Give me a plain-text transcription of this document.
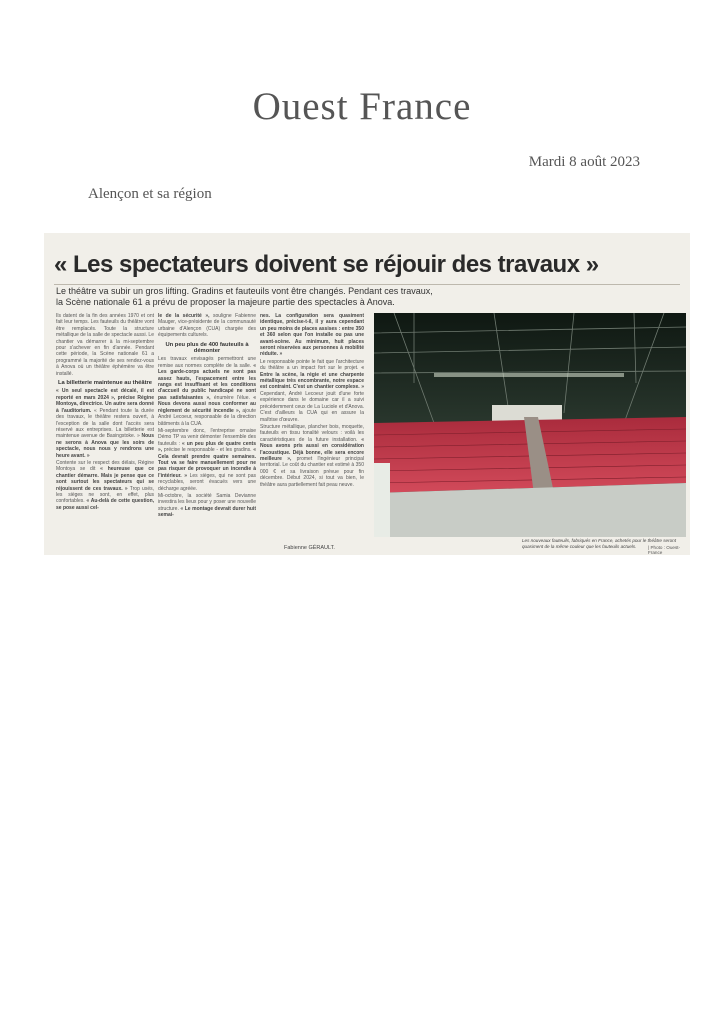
Ouest France
Mardi 8 août 2023
Alençon et sa région
« Les spectateurs doivent se réjouir des travaux »
Le théâtre va subir un gros lifting. Gradins et fauteuils vont être changés. Pendant ces travaux,
la Scène nationale 61 a prévu de proposer la majeure partie des spectacles à Anova.

Ils datent de la fin des années 1970 et ont fait leur temps. Les fauteuils du théâtre vont être remplacés. Toute la structure métallique de la salle de spectacle aussi. Le chantier va démarrer à la mi-septembre pour s'achever en fin d'année. Pendant cette période, la Scène nationale 61 a programmé la majorité de ses rendez-vous à Anova où un théâtre éphémère va être installé.

La billetterie maintenue au théâtre

« Un seul spectacle est décalé, il est reporté en mars 2024 », précise Régine Montoya, directrice. Un autre sera donné à l'auditorium. « Pendant toute la durée des travaux, le théâtre restera ouvert, à l'exception de la salle dont l'accès sera réservé aux entreprises. La billetterie est maintenue avenue de Basingstoke. » Nous ne serons à Anova que les soirs de spectacle, nous nous y rendrons une heure avant. »

Contente sur le respect des délais, Régine Montoya se dit « heureuse que ce chantier démarre. Mais je pense que ce sont surtout les spectateurs qui se réjouissent de ces travaux. » Trop usés, les sièges ne sont, en effet, plus confortables. « Au-delà de cette question, se pose aussi cel-

le de la sécurité », souligne Fabienne Mauger, vice-présidente de la communauté urbaine d'Alençon (CUA) chargée des équipements culturels.

Un peu plus de 400 fauteuils à démonter

Les travaux envisagés permettront une remise aux normes complète de la salle. « Les garde-corps actuels ne sont pas assez hauts, l'espacement entre les rangs est insuffisant et les conditions d'accueil du public handicapé ne sont pas satisfaisantes », énumère l'élue. « Nous devons aussi nous conformer au règlement de sécurité incendie », ajoute André Lecoeur, responsable de la direction bâtiments à la CUA.

Mi-septembre donc, l'entreprise ornaise Démo TP va venir démonter l'ensemble des fauteuils : « un peu plus de quatre cents », précise le responsable - et les gradins. « Cela devrait prendre quatre semaines. Tout va se faire manuellement pour ne pas risquer de provoquer un incendie à l'intérieur. » Les sièges, qui ne sont pas recyclables, seront évacués vers une décharge agréée.

Mi-octobre, la société Samia Devianne investira les lieux pour y poser une nouvelle structure. « Le montage devrait durer huit semai-

nes. La configuration sera quasiment identique, précise-t-il, il y aura cependant un peu moins de places assises : entre 350 et 360 selon que l'on installe ou pas une avant-scène. Au minimum, huit places seront réservées aux personnes à mobilité réduite. »

Le responsable pointe le fait que l'architecture du théâtre a un impact fort sur le projet. « Entre la scène, la régie et une charpente métallique très encombrante, notre espace est contraint. C'est un chantier complexe. » Cependant, André Lecoeur jouit d'une forte expérience dans le domaine car il a suivi précédemment ceux de La Luciole et d'Anova. C'est d'ailleurs la CUA qui en assure la maîtrise d'œuvre.

Structure métallique, plancher bois, moquette, fauteuils en tissu tonalité velours : voilà les caractéristiques de la future installation. « Nous avons pris aussi en considération l'acoustique. Déjà bonne, elle sera encore meilleure », promet l'ingénieur principal territorial. Le coût du chantier est estimé à 350 000 € et sa livraison prévue pour fin décembre. Début 2024, si tout va bien, le théâtre aura partiellement fait peau neuve.

Fabienne GÉRAULT.
Les nouveaux fauteuils, fabriqués en France, achetés pour le théâtre seront quasiment de la même couleur que les fauteuils actuels.	| Photo : Ouest-France
